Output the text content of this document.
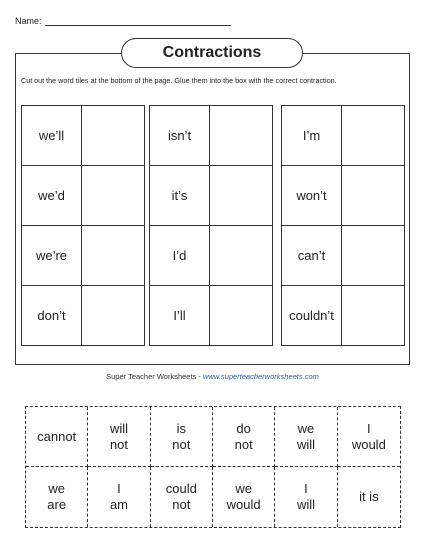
Name:
Contractions
Cut out the word tiles at the bottom of the page. Glue them into the box with the correct contraction.
we’ll
we’d
we’re
don’t
isn’t
it’s
I’d
I’ll
I’m
won’t
can’t
couldn’t
Super Teacher Worksheets - www.superteacherworksheets.com
cannot
will
not
is
not
do
not
we
will
I
would
we
are
I
am
could
not
we
would
I
will
it is
